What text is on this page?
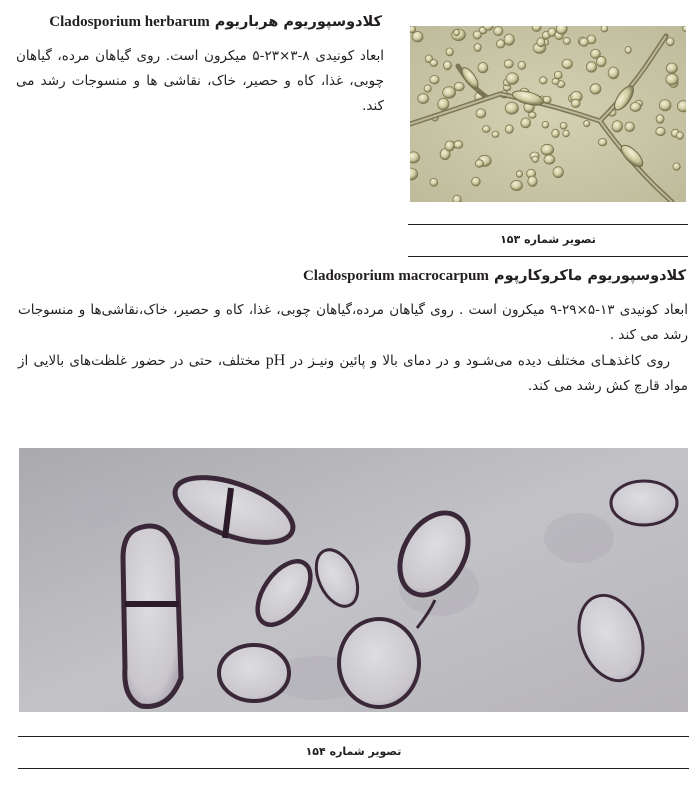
کلادوسپوریوم هرباریوم Cladosporium herbarum
ابعاد کونیدی ۸-۳×۲۳-۵ میکرون است. روی گیاهان مرده، گیاهان چوبی، غذا، کاه و حصیر، خاک، نقاشی ها و منسوجات رشد می کند.
تصویر شماره ۱۵۳
کلادوسپوریوم ماکروکارپوم Cladosporium macrocarpum

ابعاد کونیدی ۱۳-۵×۲۹-۹ میکرون است . روی گیاهان مرده،گیاهان چوبی، غذا، کاه و حصیر، خاک،نقاشی‌ها و منسوجات رشد می کند .

روی کاغذهـای مختلف دیده می‌شـود و در دمای بالا و پائین ونیـز در pH مختلف، حتی در حضور غلظت‌های بالایی از مواد قارچ کش رشد می کند.

تصویر شماره ۱۵۴
